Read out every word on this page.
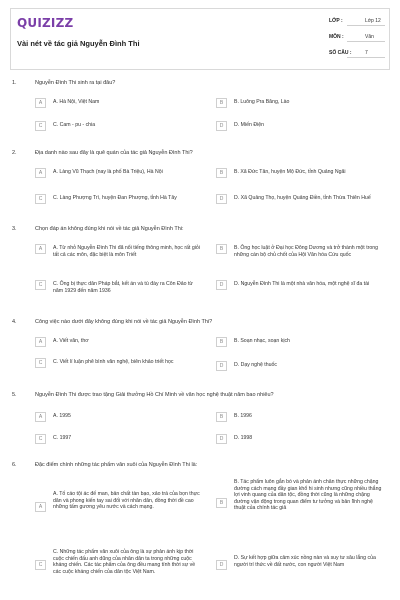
QUIZIZZ
Vài nét về tác giả Nguyễn Đình Thi
LỚP :	Lớp 12
MÔN :	Văn
SỐ CÂU :	7
1.	Nguyễn Đình Thi sinh ra tại đâu?
A	A. Hà Nội, Việt Nam	B	B. Luông Pra Băng, Lào
C	C. Cam - pu - chia	D	D. Miến Điện
2.	Địa danh nào sau đây là quê quán của tác giả Nguyễn Đình Thi?
A	A. Làng Vũ Thạch (nay là phố Bà Triệu), Hà Nội	B	B. Xã Đức Tân, huyện Mộ Đức, tỉnh Quảng Ngãi
C	C. Làng Phượng Trì, huyện Đan Phượng, tỉnh Hà Tây	D	D. Xã Quảng Thọ, huyện Quảng Điền, tỉnh Thừa Thiên Huế
3.	Chọn đáp án không đúng khi nói về tác giả Nguyễn Đình Thi:
A	A. Từ nhỏ Nguyễn Đình Thi đã nổi tiếng thông minh, học rất giỏi tất cả các môn, đặc biệt là môn Triết
B	B. Ông học luật ở Đại học Đông Dương và trở thành một trong những cán bộ chủ chốt của Hội Văn hóa Cứu quốc
C	C. Ông bị thực dân Pháp bắt, kết án và tù đày ra Côn Đảo từ năm 1929 đến năm 1936
D	D. Nguyễn Đình Thi là một nhà văn hóa, một nghệ sĩ đa tài
4.	Công việc nào dưới đây không đúng khi nói về tác giả Nguyễn Đình Thi?
A	A. Viết văn, thơ	B	B. Soạn nhạc, soạn kịch
C	C. Viết lí luận phê bình văn nghệ, biên khảo triết học
D	D. Dạy nghệ thuốc
5.	Nguyễn Đình Thi được trao tặng Giải thưởng Hồ Chí Minh về văn học nghệ thuật năm bao nhiêu?
A	A. 1995	B	B. 1996
C	C. 1997	D	D. 1998
6.	Đặc điểm chính những tác phẩm văn xuôi của Nguyễn Đình Thi là:
A
A. Tố cáo tội ác đế man, bản chất tàn bạo, xảo trá của bọn thực dân và phong kiến tay sai đối với nhân dân, đồng thời đề cao những tấm gương yêu nước và cách mạng.
B
B. Tác phẩm luôn gắn bó và phản ánh chân thực những chặng đường cách mạng đầy gian khổ hi sinh nhưng cũng nhiều thắng lợi vinh quang của dân tộc, đồng thời cũng là những chặng đường vận động trong quan điểm tư tưởng và bản lĩnh nghệ thuật của chính tác giả
C
C. Những tác phẩm văn xuôi của ông là sự phản ánh kịp thời cuộc chiến đấu anh dũng của nhân dân ta trong những cuộc kháng chiến. Các tác phẩm của ông đều mang tính thời sự về các cuộc kháng chiến của dân tộc Việt Nam.
D
D. Sự kết hợp giữa cảm xúc nồng nàn và suy tư sâu lắng của người trí thức về đất nước, con người Việt Nam
